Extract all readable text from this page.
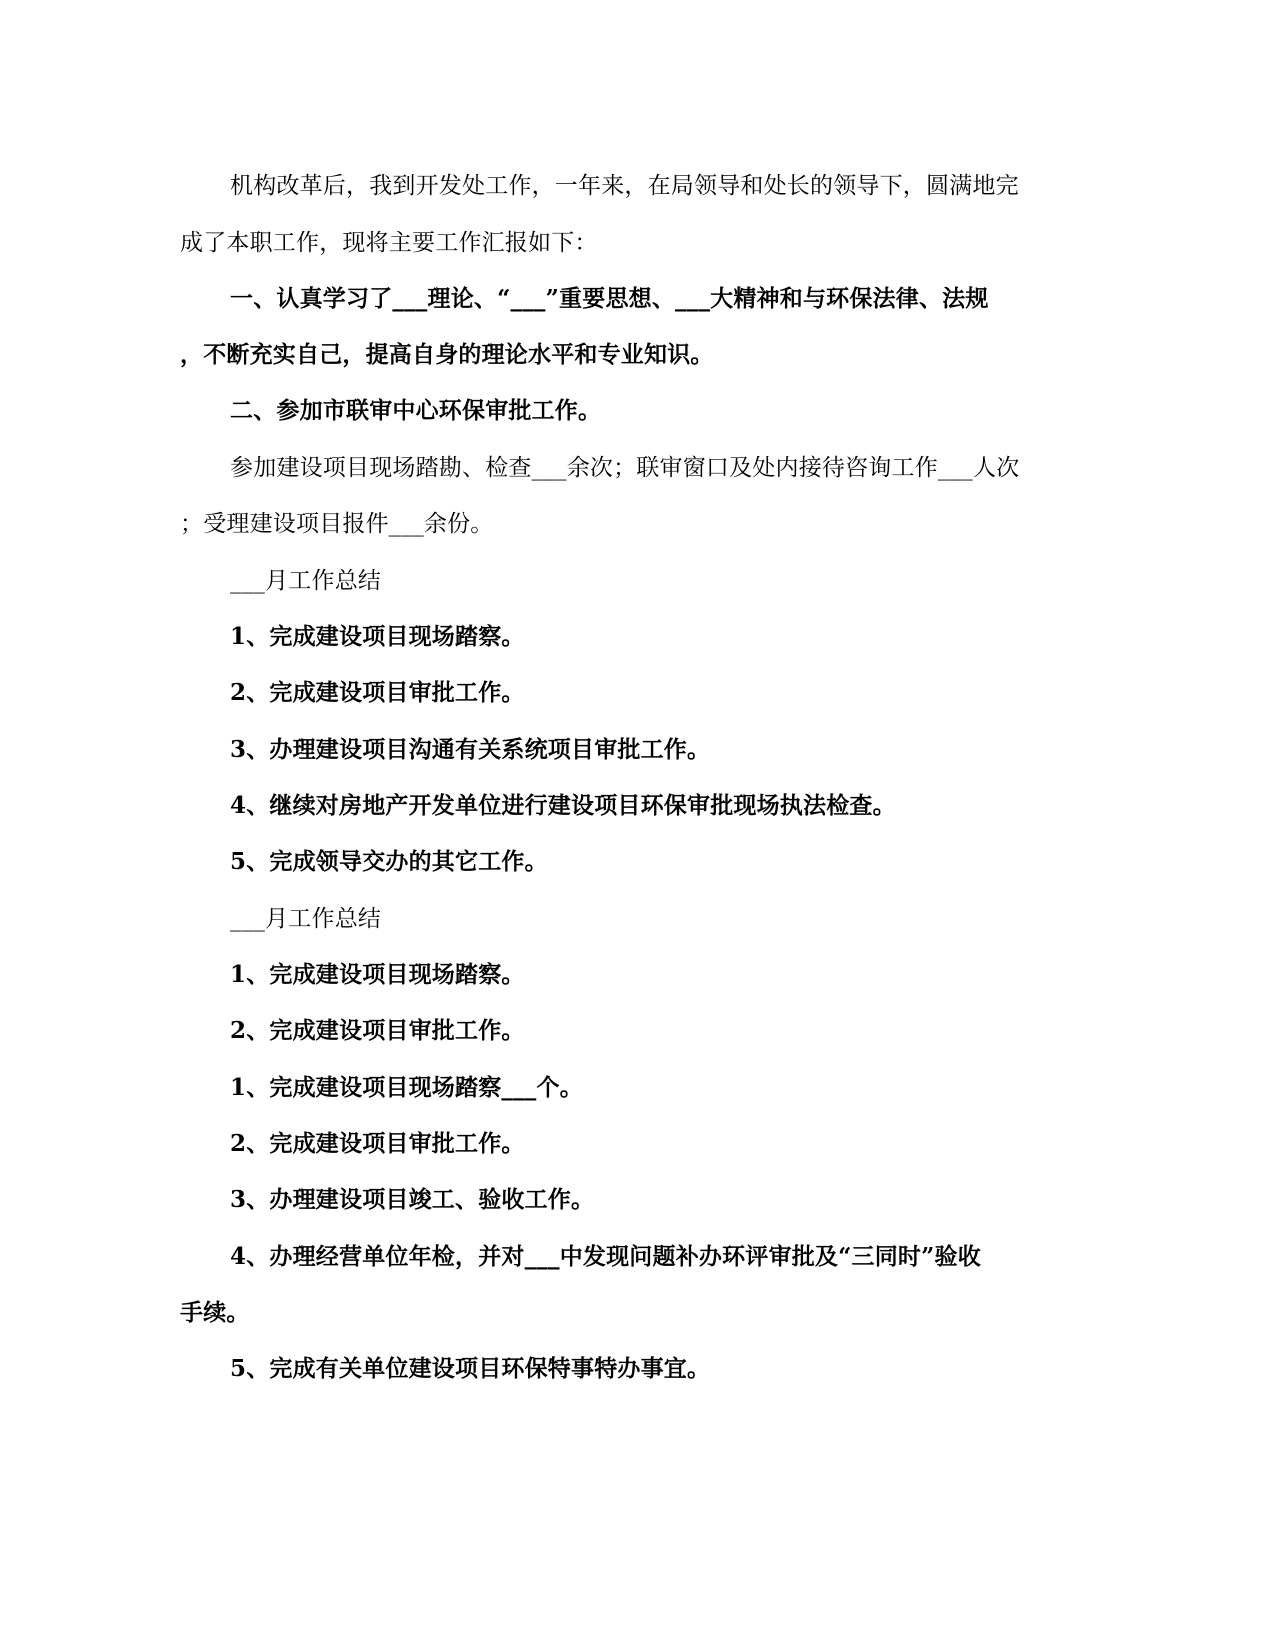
机构改革后，我到开发处工作，一年来，在局领导和处长的领导下，圆满地完
成了本职工作，现将主要工作汇报如下：
一、认真学习了___理论、“___”重要思想、___大精神和与环保法律、法规
，不断充实自己，提高自身的理论水平和专业知识。
二、参加市联审中心环保审批工作。
参加建设项目现场踏勘、检查___余次；联审窗口及处内接待咨询工作___人次
；受理建设项目报件___余份。
___月工作总结
1、完成建设项目现场踏察。
2、完成建设项目审批工作。
3、办理建设项目沟通有关系统项目审批工作。
4、继续对房地产开发单位进行建设项目环保审批现场执法检查。
5、完成领导交办的其它工作。
___月工作总结
1、完成建设项目现场踏察。
2、完成建设项目审批工作。
1、完成建设项目现场踏察___个。
2、完成建设项目审批工作。
3、办理建设项目竣工、验收工作。
4、办理经营单位年检，并对___中发现问题补办环评审批及“三同时”验收
手续。
5、完成有关单位建设项目环保特事特办事宜。
